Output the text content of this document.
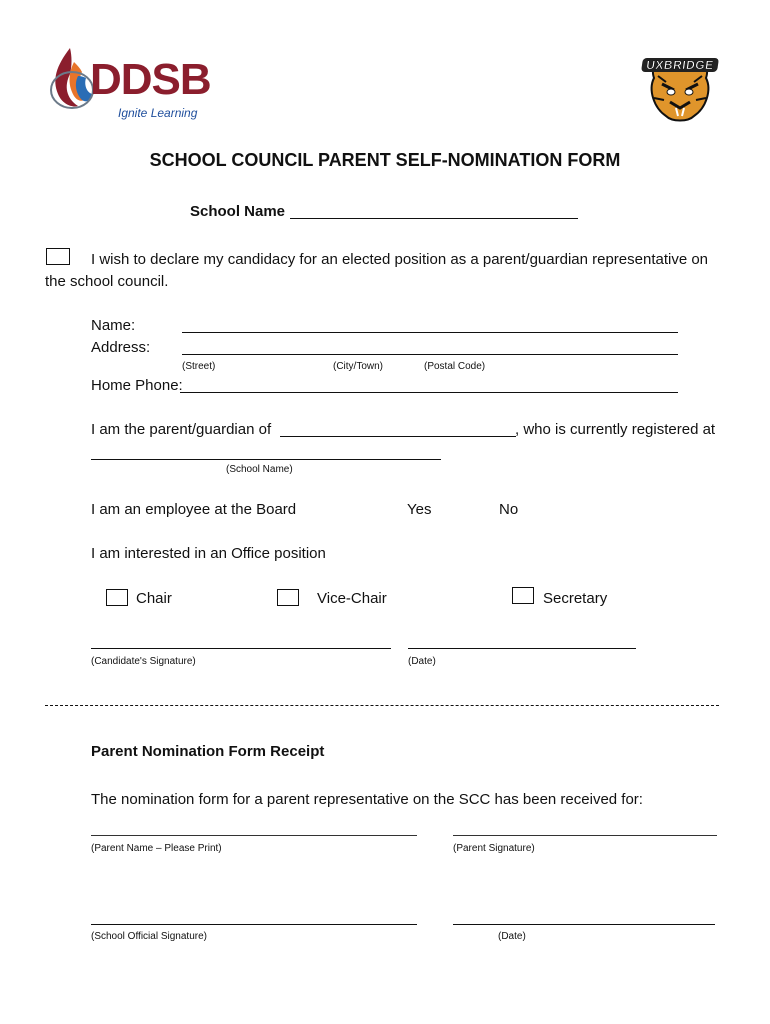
DDSB
Ignite Learning
UXBRIDGE
SCHOOL COUNCIL PARENT SELF-NOMINATION FORM
School Name
I wish to declare my candidacy for an elected position as a parent/guardian representative on
the school council.
Name:
Address:
(Street)	(City/Town)	(Postal Code)
Home Phone:
I am the parent/guardian of	, who is currently registered at
(School Name)
I am an employee at the Board	Yes	No
I am interested in an Office position
Chair	Vice-Chair	Secretary
(Candidate's Signature)	(Date)
Parent Nomination Form Receipt
The nomination form for a parent representative on the SCC has been received for:
(Parent Name – Please Print)	(Parent Signature)
(School Official Signature)	(Date)
